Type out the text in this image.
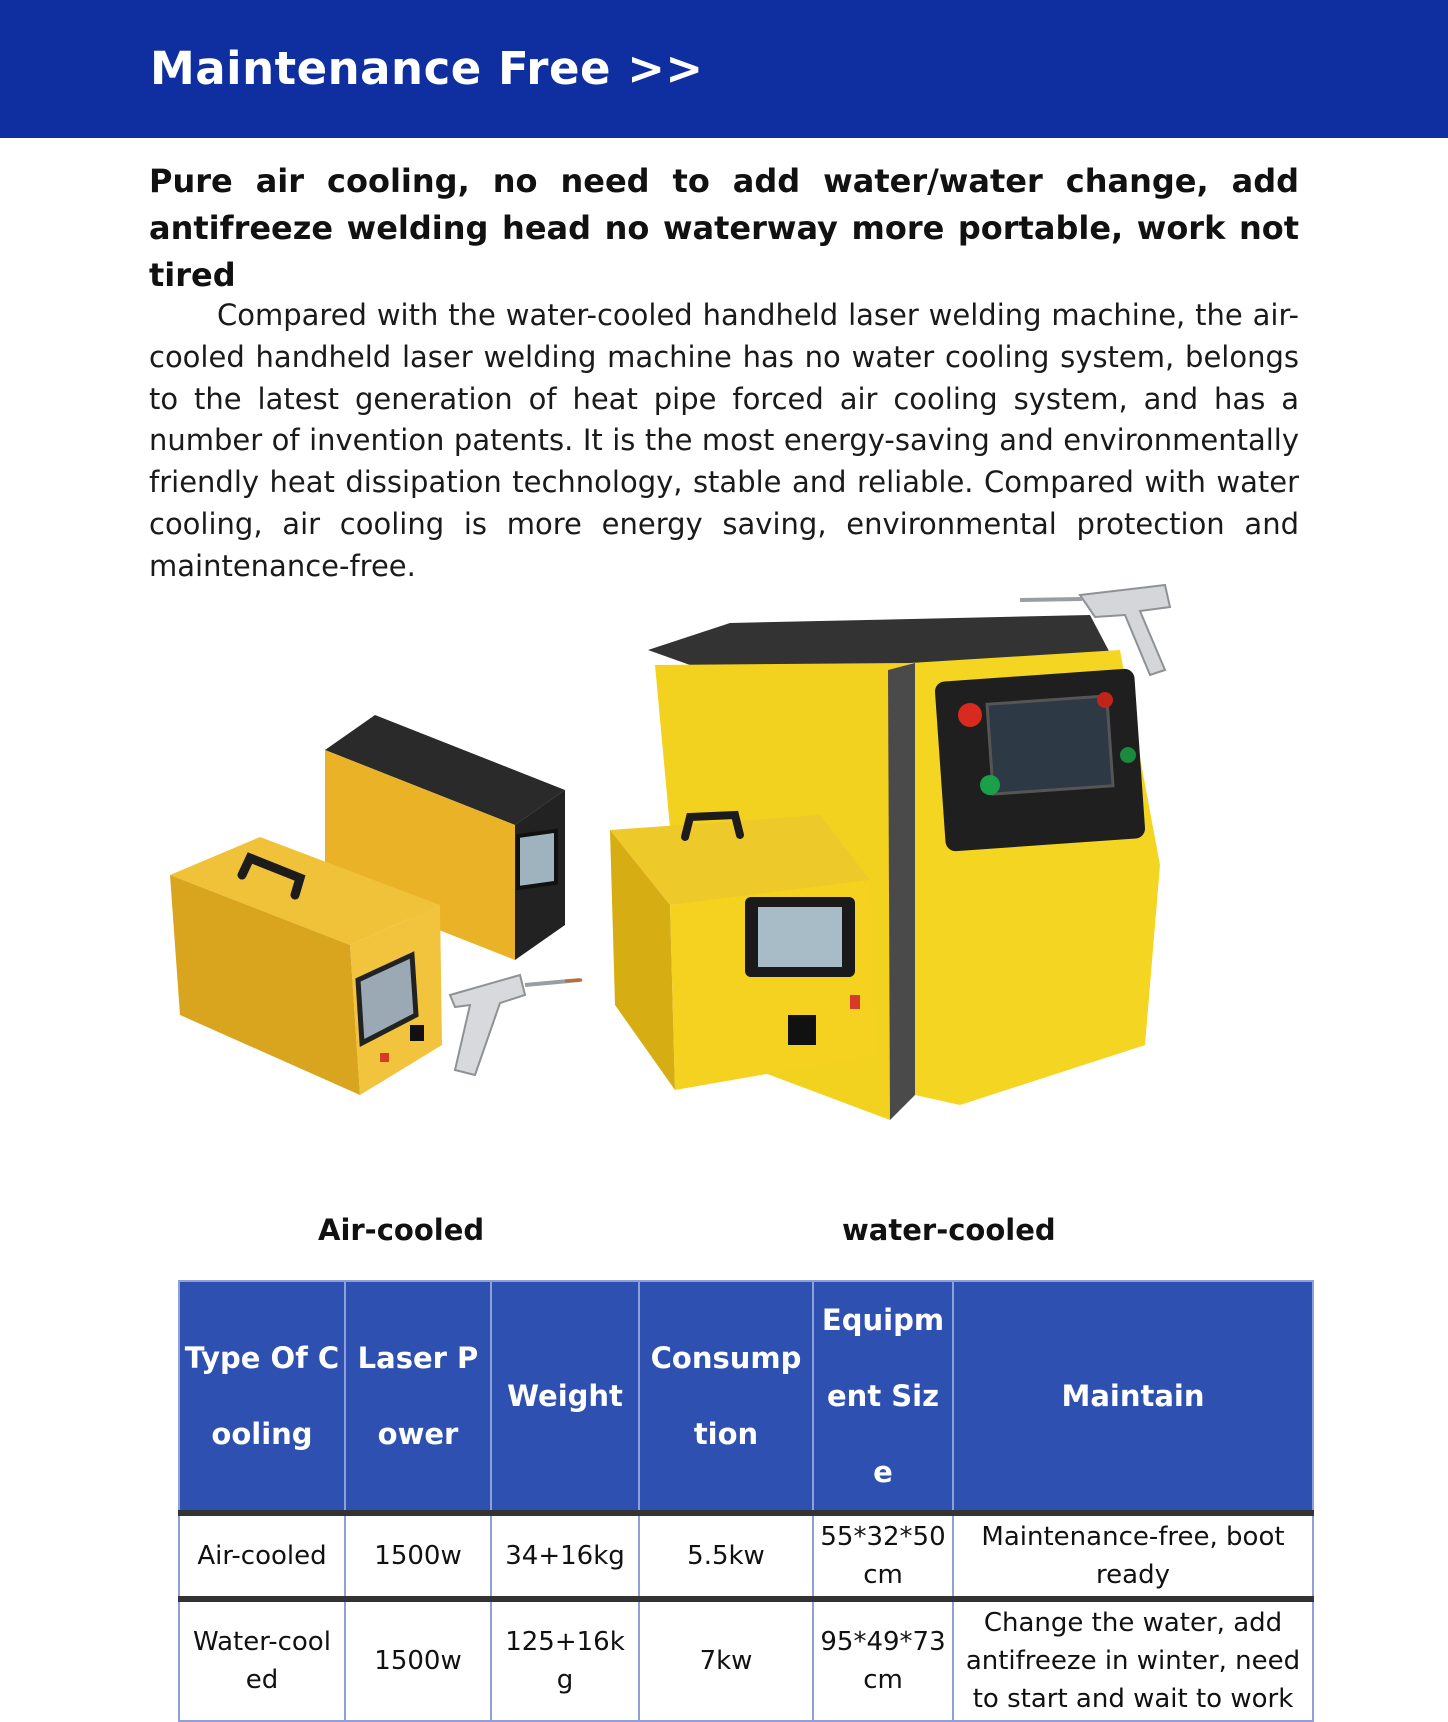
Maintenance Free >>

Pure air cooling, no need to add water/water change, add antifreeze welding head no waterway more portable, work not tired

Compared with the water-cooled handheld laser welding machine, the air-cooled handheld laser welding machine has no water cooling system, belongs to the latest generation of heat pipe forced air cooling system, and has a number of invention patents. It is the most energy-saving and environmentally friendly heat dissipation technology, stable and reliable. Compared with water cooling, air cooling is more energy saving, environmental protection and maintenance-free.

Air-cooled	water-cooled
Type Of Cooling	Laser Power	Weight	Consumption	Equipment Size	Maintain
Air-cooled	1500w	34+16kg	5.5kw	55*32*50cm	Maintenance-free, boot ready
Water-cooled	1500w	125+16kg	7kw	95*49*73cm	Change the water, add antifreeze in winter, need to start and wait to work
